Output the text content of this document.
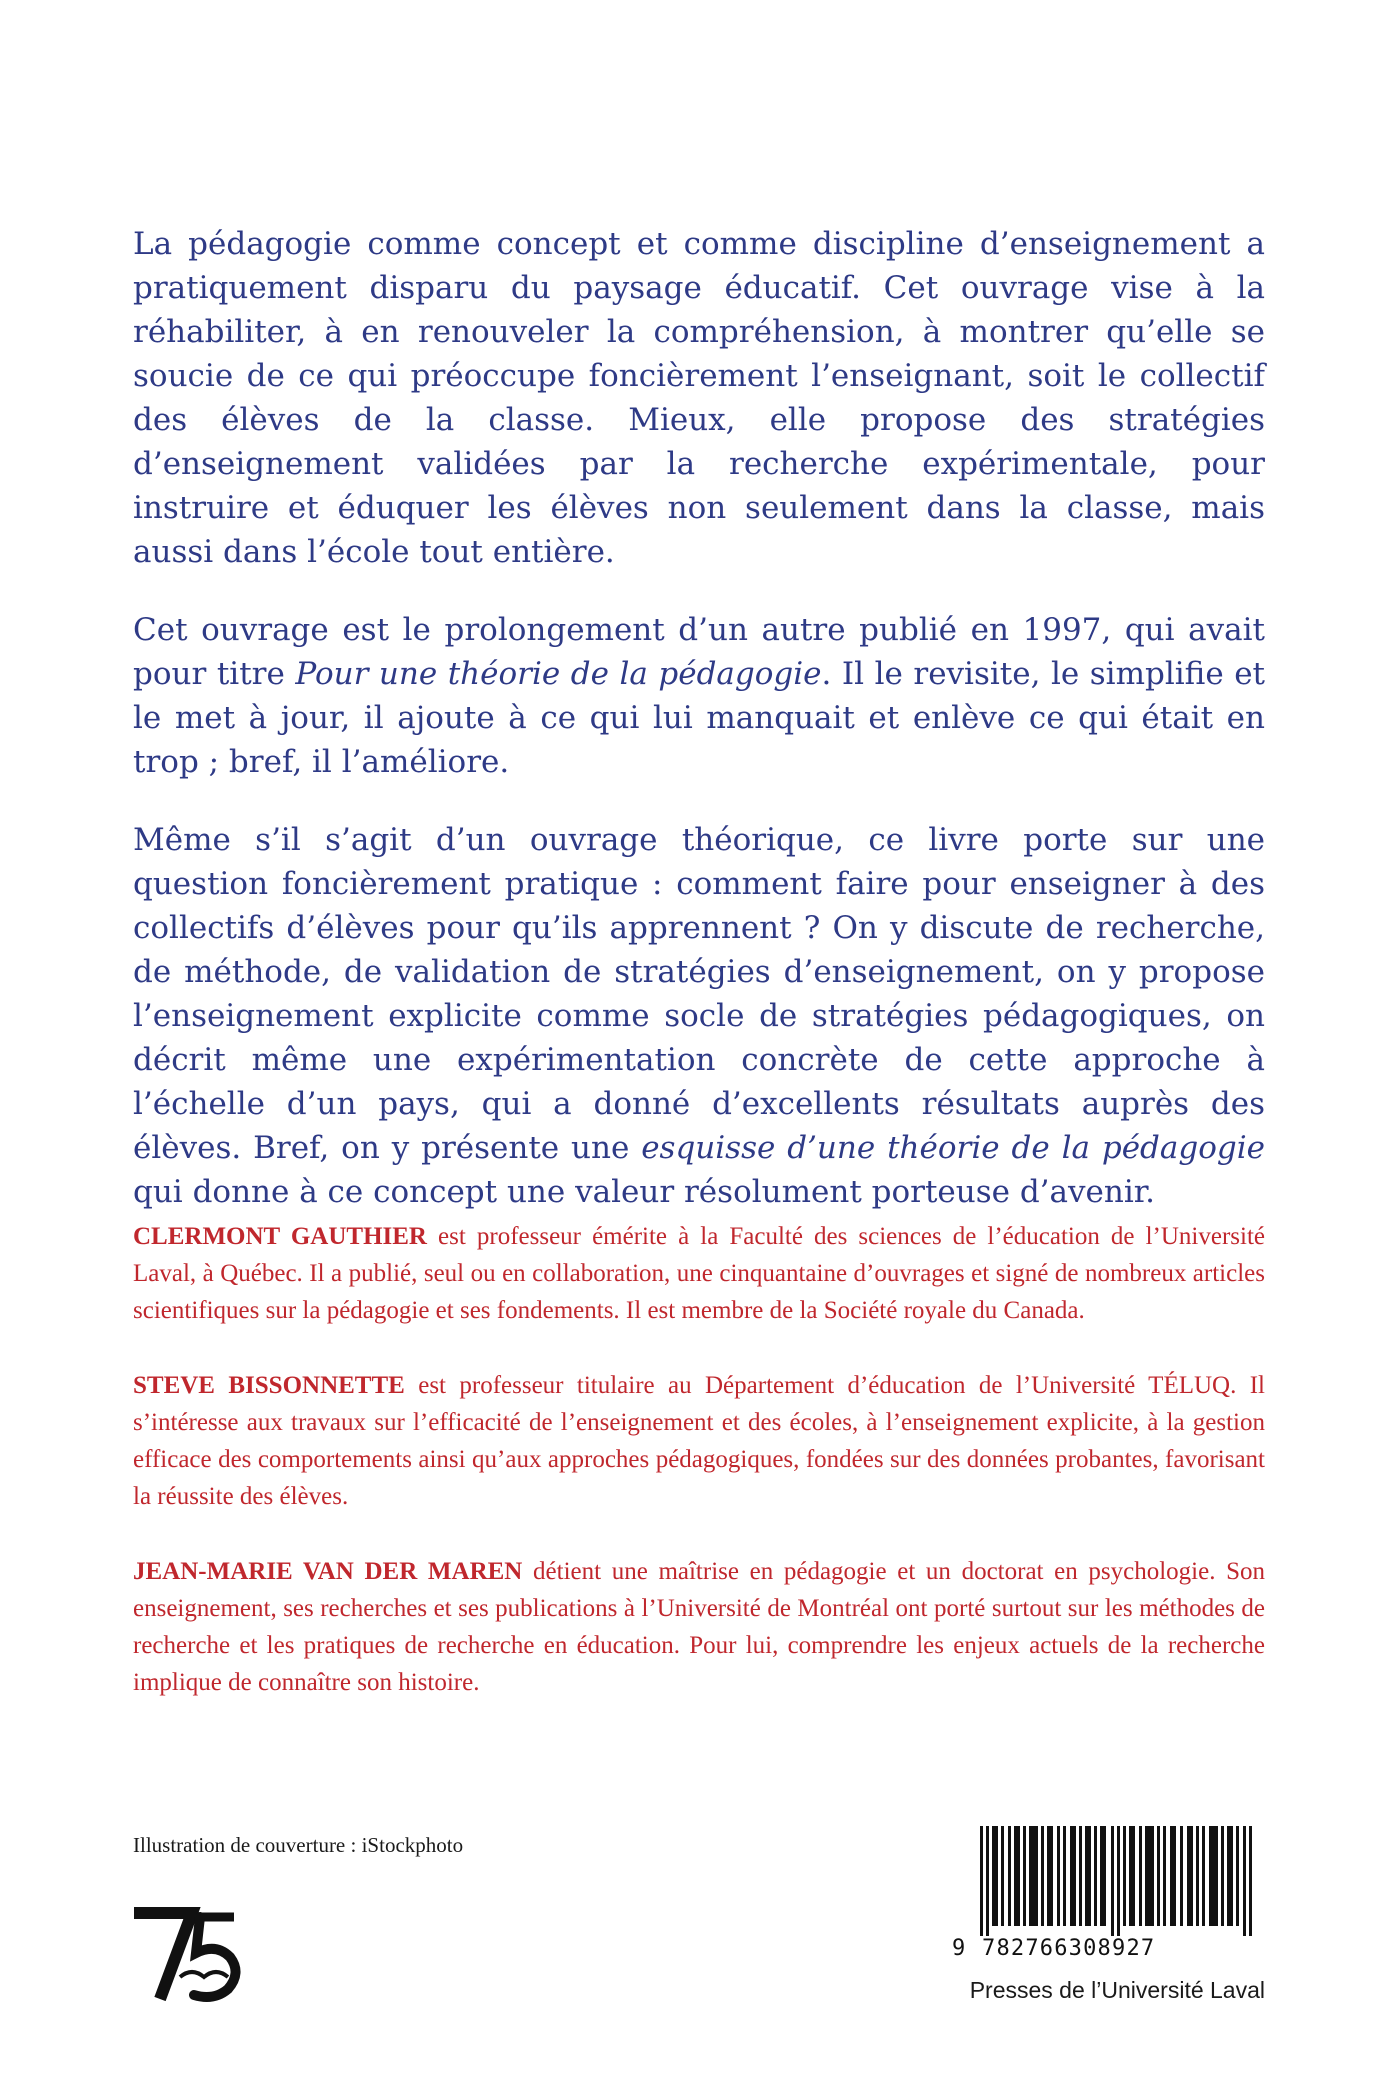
La pédagogie comme concept et comme discipline d’enseignement a pratiquement disparu du paysage éducatif. Cet ouvrage vise à la réhabiliter, à en renouveler la compréhension, à montrer qu’elle se soucie de ce qui préoccupe foncièrement l’enseignant, soit le collectif des élèves de la classe. Mieux, elle propose des stratégies d’enseignement validées par la recherche expérimentale, pour instruire et éduquer les élèves non seulement dans la classe, mais aussi dans l’école tout entière.

Cet ouvrage est le prolongement d’un autre publié en 1997, qui avait pour titre Pour une théorie de la pédagogie. Il le revisite, le simplifie et le met à jour, il ajoute à ce qui lui manquait et enlève ce qui était en trop ; bref, il l’améliore.

Même s’il s’agit d’un ouvrage théorique, ce livre porte sur une question foncièrement pratique : comment faire pour enseigner à des collectifs d’élèves pour qu’ils apprennent ? On y discute de recherche, de méthode, de validation de stratégies d’enseignement, on y propose l’enseignement explicite comme socle de stratégies pédagogiques, on décrit même une expérimentation concrète de cette approche à l’échelle d’un pays, qui a donné d’excellents résultats auprès des élèves. Bref, on y présente une esquisse d’une théorie de la pédagogie qui donne à ce concept une valeur résolument porteuse d’avenir.

CLERMONT GAUTHIER est professeur émérite à la Faculté des sciences de l’éducation de l’Université Laval, à Québec. Il a publié, seul ou en collaboration, une cinquantaine d’ouvrages et signé de nombreux articles scientifiques sur la pédagogie et ses fondements. Il est membre de la Société royale du Canada.

STEVE BISSONNETTE est professeur titulaire au Département d’éducation de l’Université TÉLUQ. Il s’intéresse aux travaux sur l’efficacité de l’enseignement et des écoles, à l’enseignement explicite, à la gestion efficace des comportements ainsi qu’aux approches pédagogiques, fondées sur des données probantes, favorisant la réussite des élèves.

JEAN-MARIE VAN DER MAREN détient une maîtrise en pédagogie et un doctorat en psychologie. Son enseignement, ses recherches et ses publications à l’Université de Montréal ont porté surtout sur les méthodes de recherche et les pratiques de recherche en éducation. Pour lui, comprendre les enjeux actuels de la recherche implique de connaître son histoire.

Illustration de couverture : iStockphoto
9 782766308927
Presses de l’Université Laval
